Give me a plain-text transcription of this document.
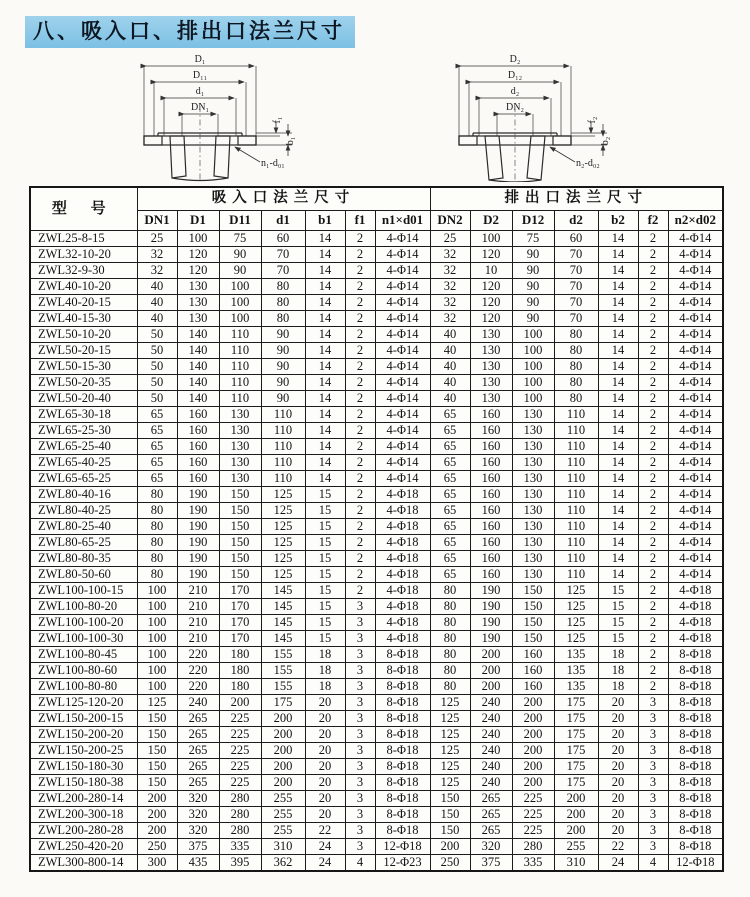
八、吸入口、排出口法兰尺寸
D₁
D₁₁
d₁
DN₁
f₁
b₁
n₁-d₀₁
D₂
D₁₂
d₂
DN₂
f₂
b₂
n₂-d₀₂
型 号	吸入口法兰尺寸							排出口法兰尺寸						
	DN1	D1	D11	d1	b1	f1	n1×d01	DN2	D2	D12	d2	b2	f2	n2×d02
ZWL25-8-15	25	100	75	60	14	2	4-Φ14	25	100	75	60	14	2	4-Φ14
ZWL32-10-20	32	120	90	70	14	2	4-Φ14	32	120	90	70	14	2	4-Φ14
ZWL32-9-30	32	120	90	70	14	2	4-Φ14	32	10	90	70	14	2	4-Φ14
ZWL40-10-20	40	130	100	80	14	2	4-Φ14	32	120	90	70	14	2	4-Φ14
ZWL40-20-15	40	130	100	80	14	2	4-Φ14	32	120	90	70	14	2	4-Φ14
ZWL40-15-30	40	130	100	80	14	2	4-Φ14	32	120	90	70	14	2	4-Φ14
ZWL50-10-20	50	140	110	90	14	2	4-Φ14	40	130	100	80	14	2	4-Φ14
ZWL50-20-15	50	140	110	90	14	2	4-Φ14	40	130	100	80	14	2	4-Φ14
ZWL50-15-30	50	140	110	90	14	2	4-Φ14	40	130	100	80	14	2	4-Φ14
ZWL50-20-35	50	140	110	90	14	2	4-Φ14	40	130	100	80	14	2	4-Φ14
ZWL50-20-40	50	140	110	90	14	2	4-Φ14	40	130	100	80	14	2	4-Φ14
ZWL65-30-18	65	160	130	110	14	2	4-Φ14	65	160	130	110	14	2	4-Φ14
ZWL65-25-30	65	160	130	110	14	2	4-Φ14	65	160	130	110	14	2	4-Φ14
ZWL65-25-40	65	160	130	110	14	2	4-Φ14	65	160	130	110	14	2	4-Φ14
ZWL65-40-25	65	160	130	110	14	2	4-Φ14	65	160	130	110	14	2	4-Φ14
ZWL65-65-25	65	160	130	110	14	2	4-Φ14	65	160	130	110	14	2	4-Φ14
ZWL80-40-16	80	190	150	125	15	2	4-Φ18	65	160	130	110	14	2	4-Φ14
ZWL80-40-25	80	190	150	125	15	2	4-Φ18	65	160	130	110	14	2	4-Φ14
ZWL80-25-40	80	190	150	125	15	2	4-Φ18	65	160	130	110	14	2	4-Φ14
ZWL80-65-25	80	190	150	125	15	2	4-Φ18	65	160	130	110	14	2	4-Φ14
ZWL80-80-35	80	190	150	125	15	2	4-Φ18	65	160	130	110	14	2	4-Φ14
ZWL80-50-60	80	190	150	125	15	2	4-Φ18	65	160	130	110	14	2	4-Φ14
ZWL100-100-15	100	210	170	145	15	2	4-Φ18	80	190	150	125	15	2	4-Φ18
ZWL100-80-20	100	210	170	145	15	3	4-Φ18	80	190	150	125	15	2	4-Φ18
ZWL100-100-20	100	210	170	145	15	3	4-Φ18	80	190	150	125	15	2	4-Φ18
ZWL100-100-30	100	210	170	145	15	3	4-Φ18	80	190	150	125	15	2	4-Φ18
ZWL100-80-45	100	220	180	155	18	3	8-Φ18	80	200	160	135	18	2	8-Φ18
ZWL100-80-60	100	220	180	155	18	3	8-Φ18	80	200	160	135	18	2	8-Φ18
ZWL100-80-80	100	220	180	155	18	3	8-Φ18	80	200	160	135	18	2	8-Φ18
ZWL125-120-20	125	240	200	175	20	3	8-Φ18	125	240	200	175	20	3	8-Φ18
ZWL150-200-15	150	265	225	200	20	3	8-Φ18	125	240	200	175	20	3	8-Φ18
ZWL150-200-20	150	265	225	200	20	3	8-Φ18	125	240	200	175	20	3	8-Φ18
ZWL150-200-25	150	265	225	200	20	3	8-Φ18	125	240	200	175	20	3	8-Φ18
ZWL150-180-30	150	265	225	200	20	3	8-Φ18	125	240	200	175	20	3	8-Φ18
ZWL150-180-38	150	265	225	200	20	3	8-Φ18	125	240	200	175	20	3	8-Φ18
ZWL200-280-14	200	320	280	255	20	3	8-Φ18	150	265	225	200	20	3	8-Φ18
ZWL200-300-18	200	320	280	255	20	3	8-Φ18	150	265	225	200	20	3	8-Φ18
ZWL200-280-28	200	320	280	255	22	3	8-Φ18	150	265	225	200	20	3	8-Φ18
ZWL250-420-20	250	375	335	310	24	3	12-Φ18	200	320	280	255	22	3	8-Φ18
ZWL300-800-14	300	435	395	362	24	4	12-Φ23	250	375	335	310	24	4	12-Φ18
